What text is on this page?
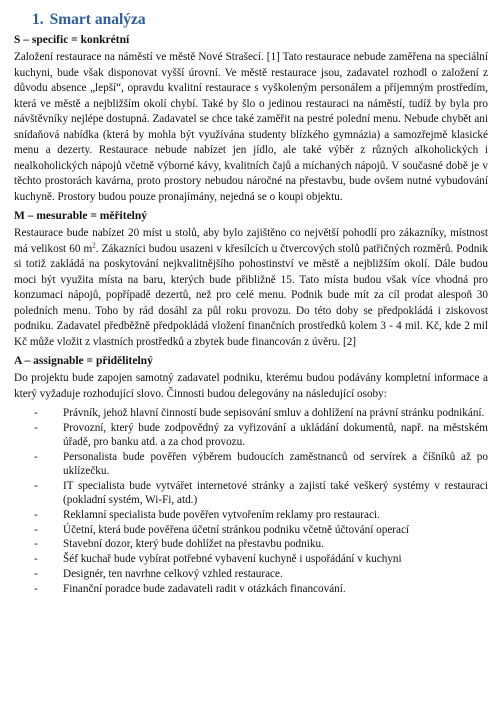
1. Smart analýza
S – specific = konkrétní

Založení restaurace na náměstí ve městě Nové Strašecí. [1] Tato restaurace nebude zaměřena na speciální kuchyni, bude však disponovat vyšší úrovní. Ve městě restaurace jsou, zadavatel rozhodl o založení z důvodu absence „lepší“, opravdu kvalitní restaurace s vyškoleným personálem a příjemným prostředím, která ve městě a nejbližším okolí chybí. Také by šlo o jedinou restauraci na náměstí, tudíž by byla pro návštěvníky nejlépe dostupná. Zadavatel se chce také zaměřit na pestré polední menu. Nebude chybět ani snídaňová nabídka (která by mohla být využívána studenty blízkého gymnázia) a samozřejmě klasické menu a dezerty. Restaurace nebude nabízet jen jídlo, ale také výběr z různých alkoholických i nealkoholických nápojů včetně výborné kávy, kvalitních čajů a míchaných nápojů. V současné době je v těchto prostorách kavárna, proto prostory nebudou náročné na přestavbu, bude ovšem nutné vybudování kuchyně. Prostory budou pouze pronajímány, nejedná se o koupi objektu.

M – mesurable = měřitelný

Restaurace bude nabízet 20 míst u stolů, aby bylo zajištěno co největší pohodlí pro zákazníky, místnost má velikost 60 $m^2$. Zákazníci budou usazeni v křesílcích u čtvercových stolů patřičných rozměrů. Podnik si totiž zakládá na poskytování nejkvalitnějšího pohostinství ve městě a nejbližším okolí. Dále budou moci být využita místa na baru, kterých bude přibližně 15. Tato místa budou však více vhodná pro konzumaci nápojů, popřípadě dezertů, než pro celé menu. Podnik bude mít za cíl prodat alespoň 30 poledních menu. Toho by rád dosáhl za půl roku provozu. Do této doby se předpokládá i ziskovost podniku. Zadavatel předběžně předpokládá vložení finančních prostředků kolem 3 - 4 mil. Kč, kde 2 mil Kč může vložit z vlastních prostředků a zbytek bude financován z úvěru. [2]

A – assignable = přidělitelný

Do projektu bude zapojen samotný zadavatel podniku, kterému budou podávány kompletní informace a který vyžaduje rozhodující slovo. Činnosti budou delegovány na následující osoby:

- Právník, jehož hlavní činností bude sepisování smluv a dohlížení na právní stránku podnikání.
- Provozní, který bude zodpovědný za vyřizování a ukládání dokumentů, např. na městském úřadě, pro banku atd. a za chod provozu.
- Personalista bude pověřen výběrem budoucích zaměstnanců od servírek a číšníků až po uklízečku.
- IT specialista bude vytvářet internetové stránky a zajistí také veškerý systémy v restauraci (pokladní systém, Wi-Fi, atd.)
- Reklamní specialista bude pověřen vytvořením reklamy pro restauraci.
- Účetní, která bude pověřena účetní stránkou podniku včetně účtování operací
- Stavební dozor, který bude dohlížet na přestavbu podniku.
- Šéf kuchař bude vybírat potřebné vybavení kuchyně i uspořádání v kuchyni
- Designér, ten navrhne celkový vzhled restaurace.
- Finanční poradce bude zadavateli radit v otázkách financování.
